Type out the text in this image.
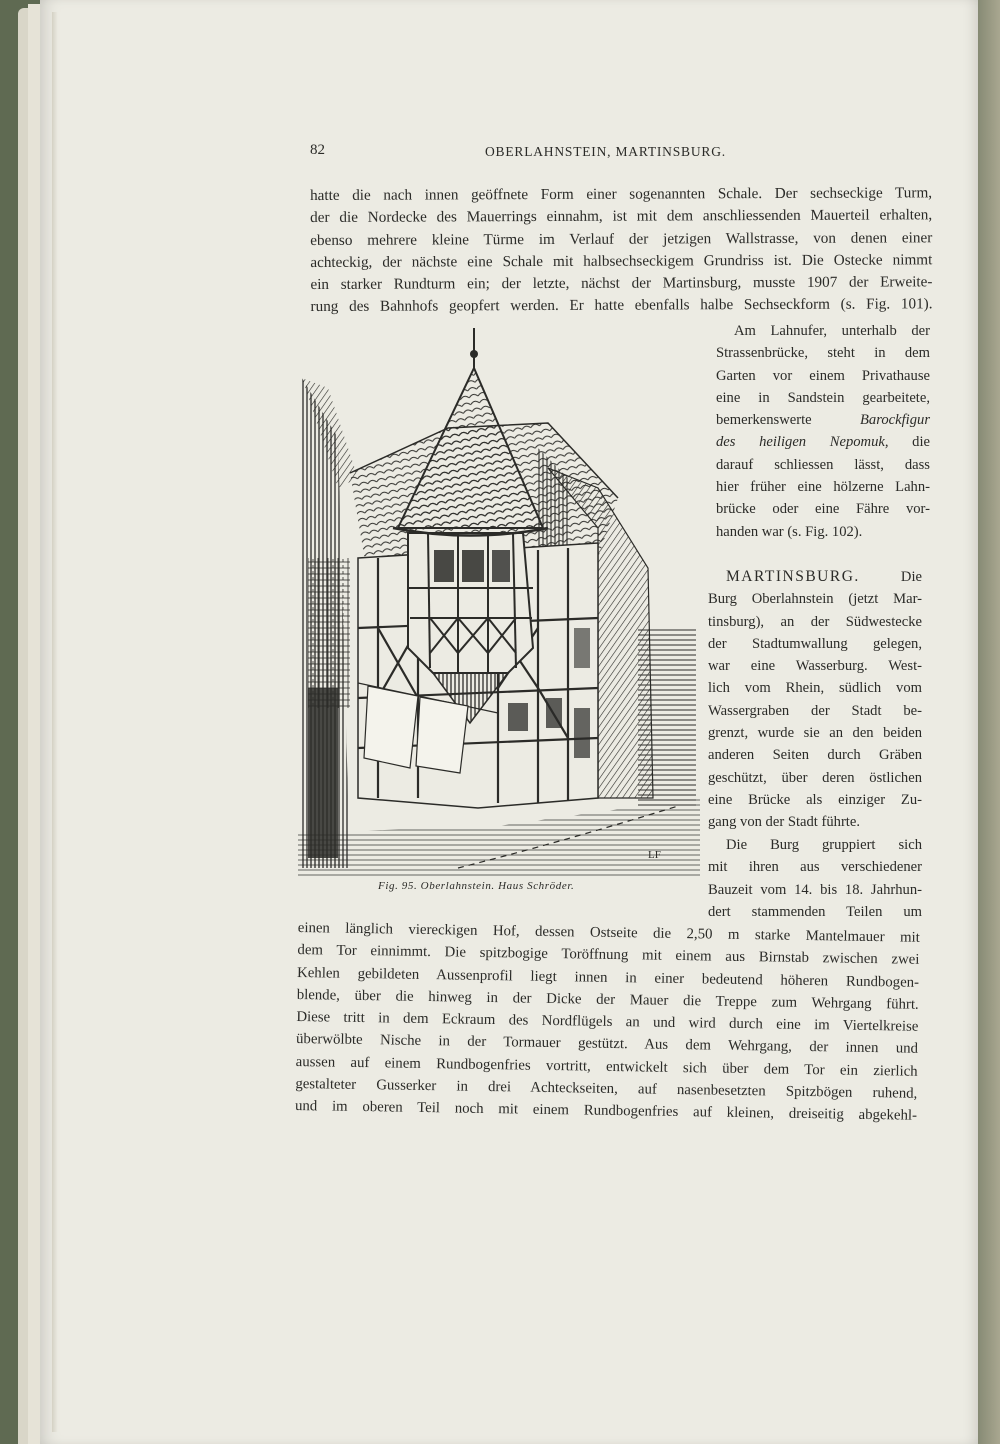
82	OBERLAHNSTEIN, MARTINSBURG.
hatte die nach innen geöffnete Form einer sogenannten Schale. Der sechseckige Turm,
der die Nordecke des Mauerrings einnahm, ist mit dem anschliessenden Mauerteil erhalten,
ebenso mehrere kleine Türme im Verlauf der jetzigen Wallstrasse, von denen einer
achteckig, der nächste eine Schale mit halbsechseckigem Grundriss ist. Die Ostecke nimmt
ein starker Rundturm ein; der letzte, nächst der Martinsburg, musste 1907 der Erweite-
rung des Bahnhofs geopfert werden. Er hatte ebenfalls halbe Sechseckform (s. Fig. 101).
Am Lahnufer, unterhalb der
Strassenbrücke, steht in dem
Garten vor einem Privathause
eine in Sandstein gearbeitete,
bemerkenswerte	Barockfigur
des heiligen Nepomuk, die
darauf schliessen lässt, dass
hier früher eine hölzerne Lahn-
brücke oder eine Fähre vor-
handen war (s. Fig. 102).
MARTINSBURG.	Die
Burg Oberlahnstein (jetzt Mar-
tinsburg), an der Südwestecke
der Stadtumwallung gelegen,
war eine Wasserburg. West-
lich vom Rhein, südlich vom
Wassergraben der Stadt be-
grenzt, wurde sie an den beiden
anderen Seiten durch Gräben
geschützt, über deren östlichen
eine Brücke als einziger Zu-
gang von der Stadt führte.
Die Burg gruppiert sich
mit ihren aus verschiedener
Bauzeit vom 14. bis 18. Jahrhun-
dert stammenden Teilen um
einen länglich viereckigen Hof, dessen Ostseite die 2,50 m starke Mantelmauer mit
dem Tor einnimmt. Die spitzbogige Toröffnung mit einem aus Birnstab zwischen zwei
Kehlen gebildeten Aussenprofil liegt innen in einer bedeutend höheren Rundbogen-
blende, über die hinweg in der Dicke der Mauer die Treppe zum Wehrgang führt.
Diese tritt in dem Eckraum des Nordflügels an und wird durch eine im Viertelkreise
überwölbte Nische in der Tormauer gestützt. Aus dem Wehrgang, der innen und
aussen auf einem Rundbogenfries vortritt, entwickelt sich über dem Tor ein zierlich
gestalteter Gusserker in drei Achteckseiten, auf nasenbesetzten Spitzbögen ruhend,
und im oberen Teil noch mit einem Rundbogenfries auf kleinen, dreiseitig abgekehl-
LF
Fig. 95. Oberlahnstein. Haus Schröder.
